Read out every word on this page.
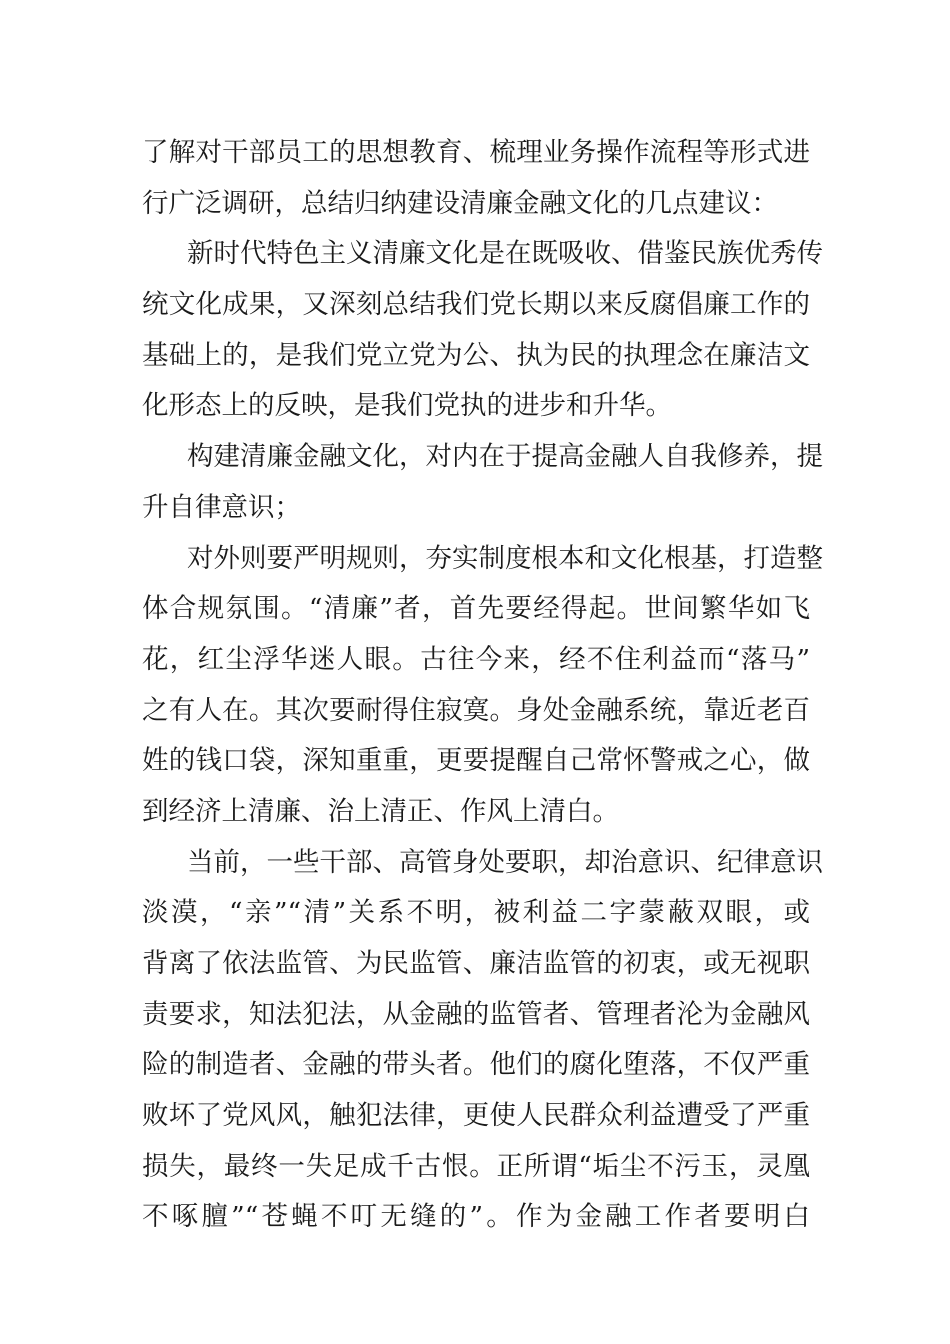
了解对干部员工的思想教育、梳理业务操作流程等形式进
行广泛调研，总结归纳建设清廉金融文化的几点建议：
新时代特色主义清廉文化是在既吸收、借鉴民族优秀传
统文化成果，又深刻总结我们党长期以来反腐倡廉工作的
基础上的，是我们党立党为公、执为民的执理念在廉洁文
化形态上的反映，是我们党执的进步和升华。
构建清廉金融文化，对内在于提高金融人自我修养，提
升自律意识；
对外则要严明规则，夯实制度根本和文化根基，打造整
体合规氛围。“清廉”者，首先要经得起。世间繁华如飞
花，红尘浮华迷人眼。古往今来，经不住利益而“落马”
之有人在。其次要耐得住寂寞。身处金融系统，靠近老百
姓的钱口袋，深知重重，更要提醒自己常怀警戒之心，做
到经济上清廉、治上清正、作风上清白。
当前，一些干部、高管身处要职，却治意识、纪律意识
淡漠，“亲”“清”关系不明，被利益二字蒙蔽双眼，或
背离了依法监管、为民监管、廉洁监管的初衷，或无视职
责要求，知法犯法，从金融的监管者、管理者沦为金融风
险的制造者、金融的带头者。他们的腐化堕落，不仅严重
败坏了党风风，触犯法律，更使人民群众利益遭受了严重
损失，最终一失足成千古恨。正所谓“垢尘不污玉，灵凰
不啄膻”“苍蝇不叮无缝的”。作为金融工作者要明白
